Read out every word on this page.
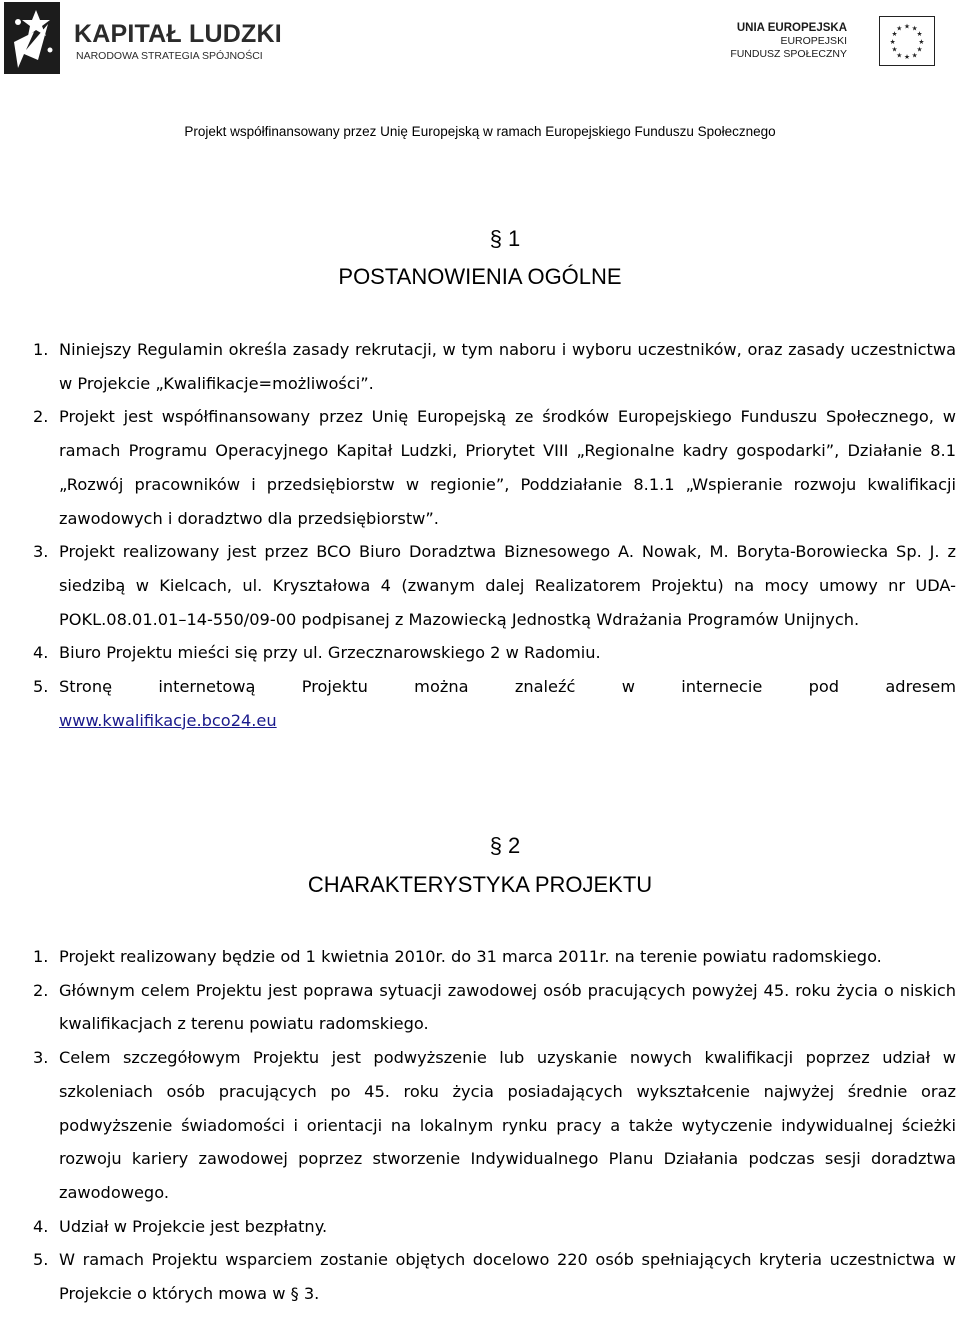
KAPITAŁ LUDZKI
NARODOWA STRATEGIA SPÓJNOŚCI
UNIA EUROPEJSKA
EUROPEJSKI
FUNDUSZ SPOŁECZNY
★ ★
★
★
★
★
★
★
★
★
★
★
Projekt współfinansowany przez Unię Europejską w ramach Europejskiego Funduszu Społecznego
§ 1
POSTANOWIENIA OGÓLNE
1. Niniejszy Regulamin określa zasady rekrutacji, w tym naboru i wyboru uczestników, oraz zasady uczestnictwa w Projekcie „Kwalifikacje=możliwości”.
2. Projekt jest współfinansowany przez Unię Europejską ze środków Europejskiego Funduszu Społecznego, w ramach Programu Operacyjnego Kapitał Ludzki, Priorytet VIII „Regionalne kadry gospodarki”, Działanie 8.1 „Rozwój pracowników i przedsiębiorstw w regionie”, Poddziałanie 8.1.1 „Wspieranie rozwoju kwalifikacji zawodowych i doradztwo dla przedsiębiorstw”.
3. Projekt realizowany jest przez BCO Biuro Doradztwa Biznesowego A. Nowak, M. Boryta-Borowiecka Sp. J. z siedzibą w Kielcach, ul. Kryształowa 4 (zwanym dalej Realizatorem Projektu) na mocy umowy nr UDA-POKL.08.01.01–14-550/09-00 podpisanej z Mazowiecką Jednostką Wdrażania Programów Unijnych.
4. Biuro Projektu mieści się przy ul. Grzecznarowskiego 2 w Radomiu.
5. Stronę internetową Projektu można znaleźć w internecie pod adresem
www.kwalifikacje.bco24.eu
§ 2
CHARAKTERYSTYKA PROJEKTU
1. Projekt realizowany będzie od 1 kwietnia 2010r. do 31 marca 2011r. na terenie powiatu radomskiego.
2. Głównym celem Projektu jest poprawa sytuacji zawodowej osób pracujących powyżej 45. roku życia o niskich kwalifikacjach z terenu powiatu radomskiego.
3. Celem szczegółowym Projektu jest podwyższenie lub uzyskanie nowych kwalifikacji poprzez udział w szkoleniach osób pracujących po 45. roku życia posiadających wykształcenie najwyżej średnie oraz podwyższenie świadomości i orientacji na lokalnym rynku pracy a także wytyczenie indywidualnej ścieżki rozwoju kariery zawodowej poprzez stworzenie Indywidualnego Planu Działania podczas sesji doradztwa zawodowego.
4. Udział w Projekcie jest bezpłatny.
5. W ramach Projektu wsparciem zostanie objętych docelowo 220 osób spełniających kryteria uczestnictwa w Projekcie o których mowa w § 3.
